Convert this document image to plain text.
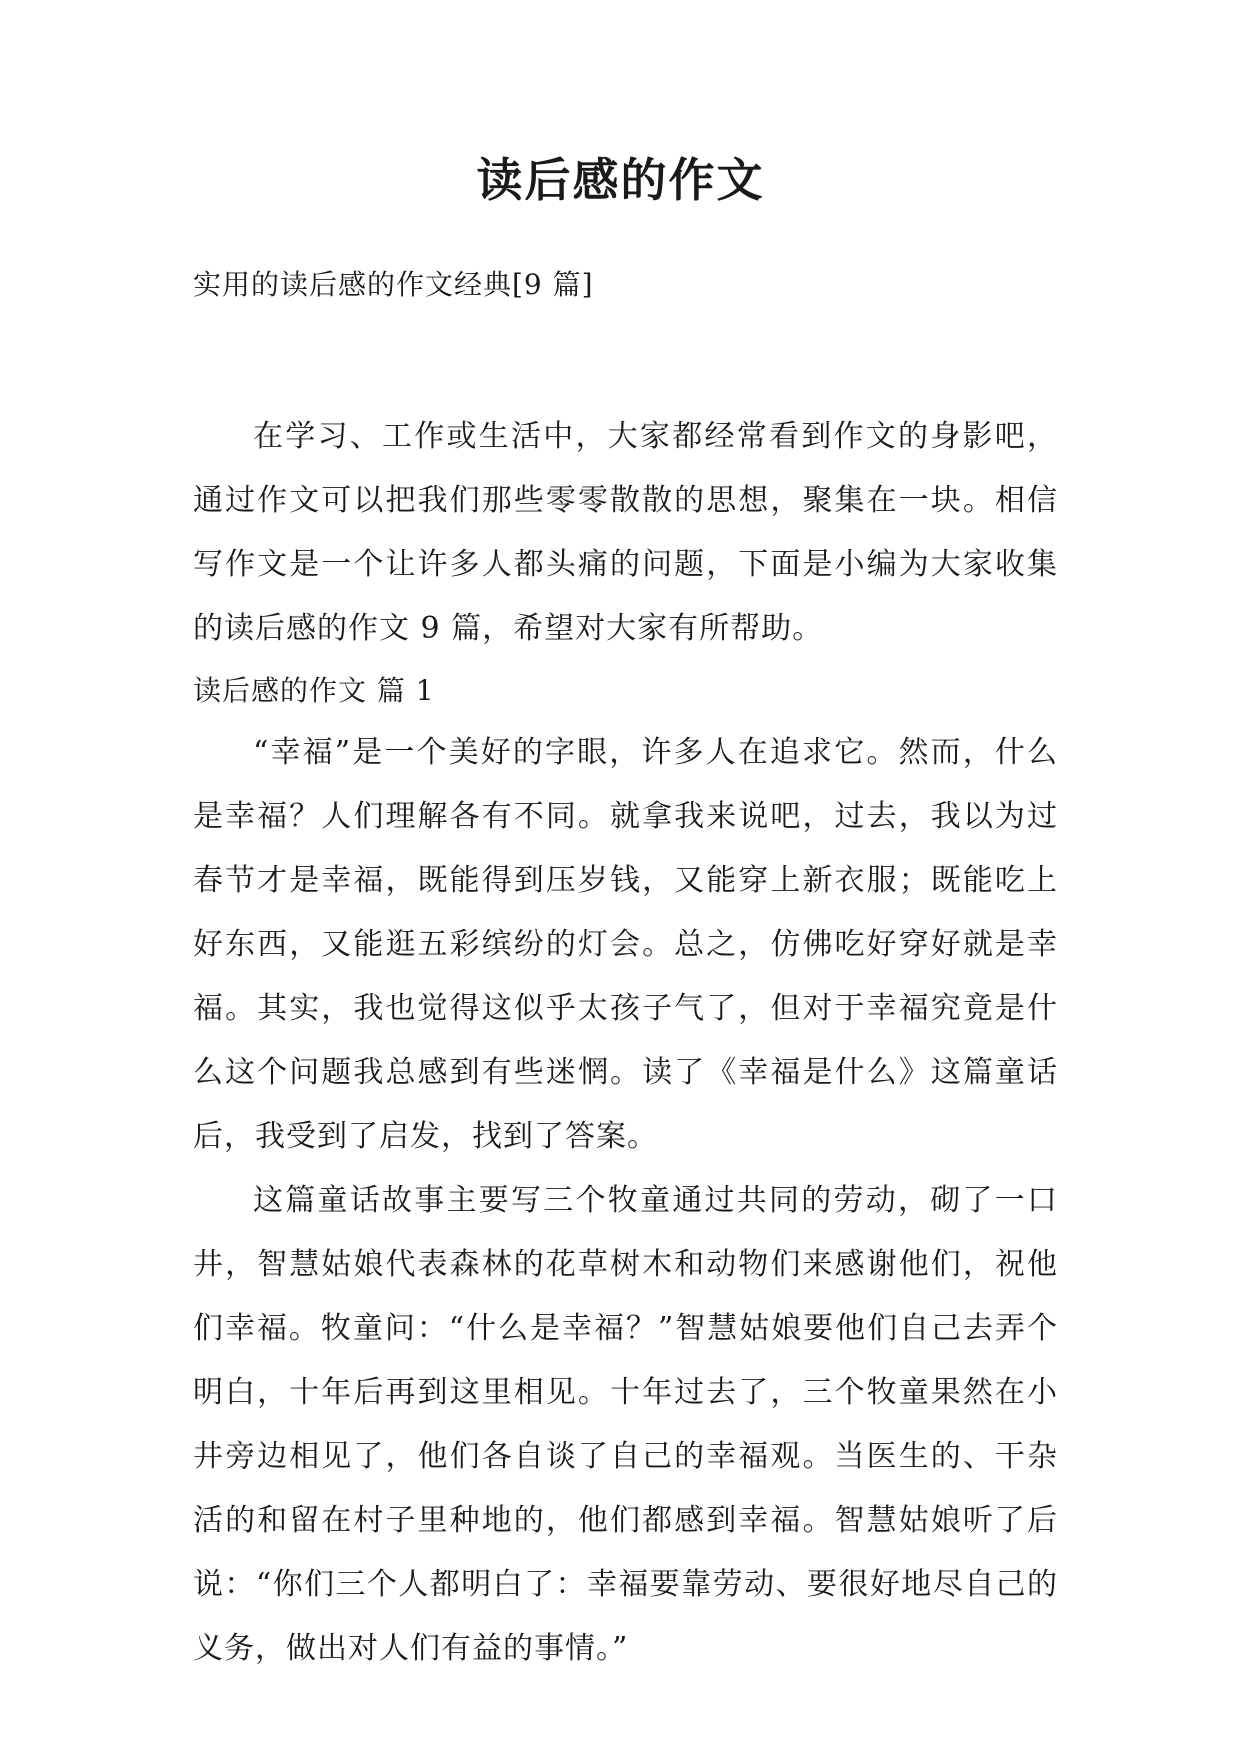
读后感的作文
实用的读后感的作文经典[9 篇]

在学习、工作或生活中，大家都经常看到作文的身影吧，通过作文可以把我们那些零零散散的思想，聚集在一块。相信写作文是一个让许多人都头痛的问题，下面是小编为大家收集的读后感的作文 9 篇，希望对大家有所帮助。

读后感的作文 篇 1

“幸福”是一个美好的字眼，许多人在追求它。然而，什么是幸福？人们理解各有不同。就拿我来说吧，过去，我以为过春节才是幸福，既能得到压岁钱，又能穿上新衣服；既能吃上好东西，又能逛五彩缤纷的灯会。总之，仿佛吃好穿好就是幸福。其实，我也觉得这似乎太孩子气了，但对于幸福究竟是什么这个问题我总感到有些迷惘。读了《幸福是什么》这篇童话后，我受到了启发，找到了答案。

这篇童话故事主要写三个牧童通过共同的劳动，砌了一口井，智慧姑娘代表森林的花草树木和动物们来感谢他们，祝他们幸福。牧童问：“什么是幸福？”智慧姑娘要他们自己去弄个明白，十年后再到这里相见。十年过去了，三个牧童果然在小井旁边相见了，他们各自谈了自己的幸福观。当医生的、干杂活的和留在村子里种地的，他们都感到幸福。智慧姑娘听了后说：“你们三个人都明白了：幸福要靠劳动、要很好地尽自己的义务，做出对人们有益的事情。”
